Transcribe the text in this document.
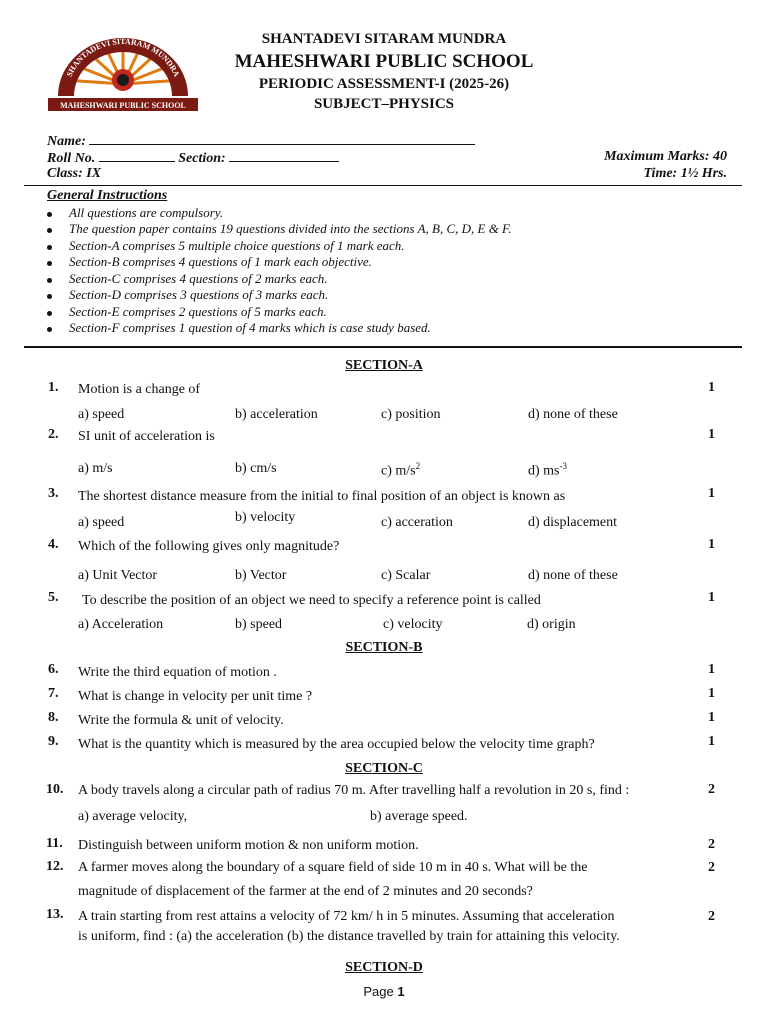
SHANTADEVI SITARAM MUNDRA
MAHESHWARI PUBLIC SCHOOL
SHANTADEVI SITARAM MUNDRA
MAHESHWARI PUBLIC SCHOOL
PERIODIC ASSESSMENT-I (2025-26)
SUBJECT–PHYSICS
Name:
Roll No.	Section:	Maximum Marks: 40
Class: IX	Time: 1½ Hrs.
General Instructions
All questions are compulsory.
The question paper contains 19 questions divided into the sections A, B, C, D, E & F.
Section-A comprises 5 multiple choice questions of 1 mark each.
Section-B comprises 4 questions of 1 mark each objective.
Section-C comprises 4 questions of 2 marks each.
Section-D comprises 3 questions of 3 marks each.
Section-E comprises 2 questions of 5 marks each.
Section-F comprises 1 question of 4 marks which is case study based.
SECTION-A
1. Motion is a change of	1
a) speed	b) acceleration	c) position	d) none of these
2. SI unit of acceleration is	1
a) m/s	b) cm/s	c) $m/s^2$	d) $ms^{-3}$
3. The shortest distance measure from the initial to final position of an object is known as	1
a) speed	b) velocity	c) acceration	d) displacement
4. Which of the following gives only magnitude?	1
a) Unit Vector	b) Vector	c) Scalar	d) none of these
5. To describe the position of an object we need to specify a reference point is called	1
a) Acceleration	b) speed	c) velocity	d) origin
SECTION-B
6. Write the third equation of motion .	1
7. What is change in velocity per unit time ?	1
8. Write the formula & unit of velocity.	1
9. What is the quantity which is measured by the area occupied below the velocity time graph?	1
SECTION-C
10. A body travels along a circular path of radius 70 m. After travelling half a revolution in 20 s, find :	2
a) average velocity,	b) average speed.
11. Distinguish between uniform motion & non uniform motion.	2
12. A farmer moves along the boundary of a square field of side 10 m in 40 s. What will be the
magnitude of displacement of the farmer at the end of 2 minutes and 20 seconds?
2
13. A train starting from rest attains a velocity of 72 km/ h in 5 minutes. Assuming that acceleration
is uniform, find : (a) the acceleration (b) the distance travelled by train for attaining this velocity.
2
SECTION-D
Page 1
